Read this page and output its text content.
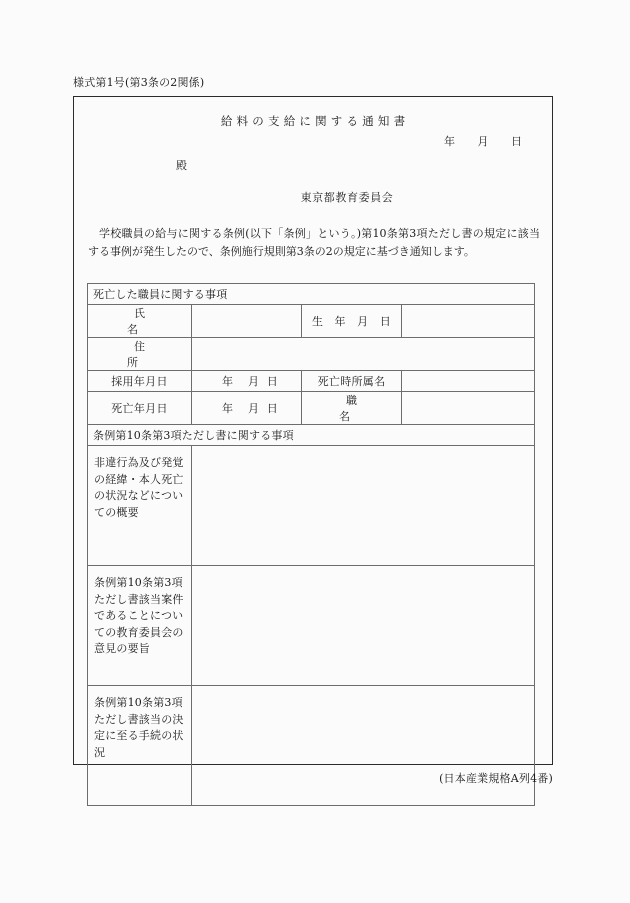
様式第1号(第3条の2関係)
給料の支給に関する通知書
年 月 日
殿
東京都教育委員会
学校職員の給与に関する条例(以下「条例」という。)第10条第3項ただし書の規定に該当する事例が発生したので、条例施行規則第3条の2の規定に基づき通知します。
死亡した職員に関する事項			
氏　　名		生　年　月　日	
住　　所			
採用年月日	年 月 日	死亡時所属名	
死亡年月日	年 月 日	職　　名	
条例第10条第3項ただし書に関する事項			
非違行為及び発覚の経緯・本人死亡の状況などについての概要			
条例第10条第3項ただし書該当案件であることについての教育委員会の意見の要旨			
条例第10条第3項ただし書該当の決定に至る手続の状況			
(日本産業規格A列4番)
